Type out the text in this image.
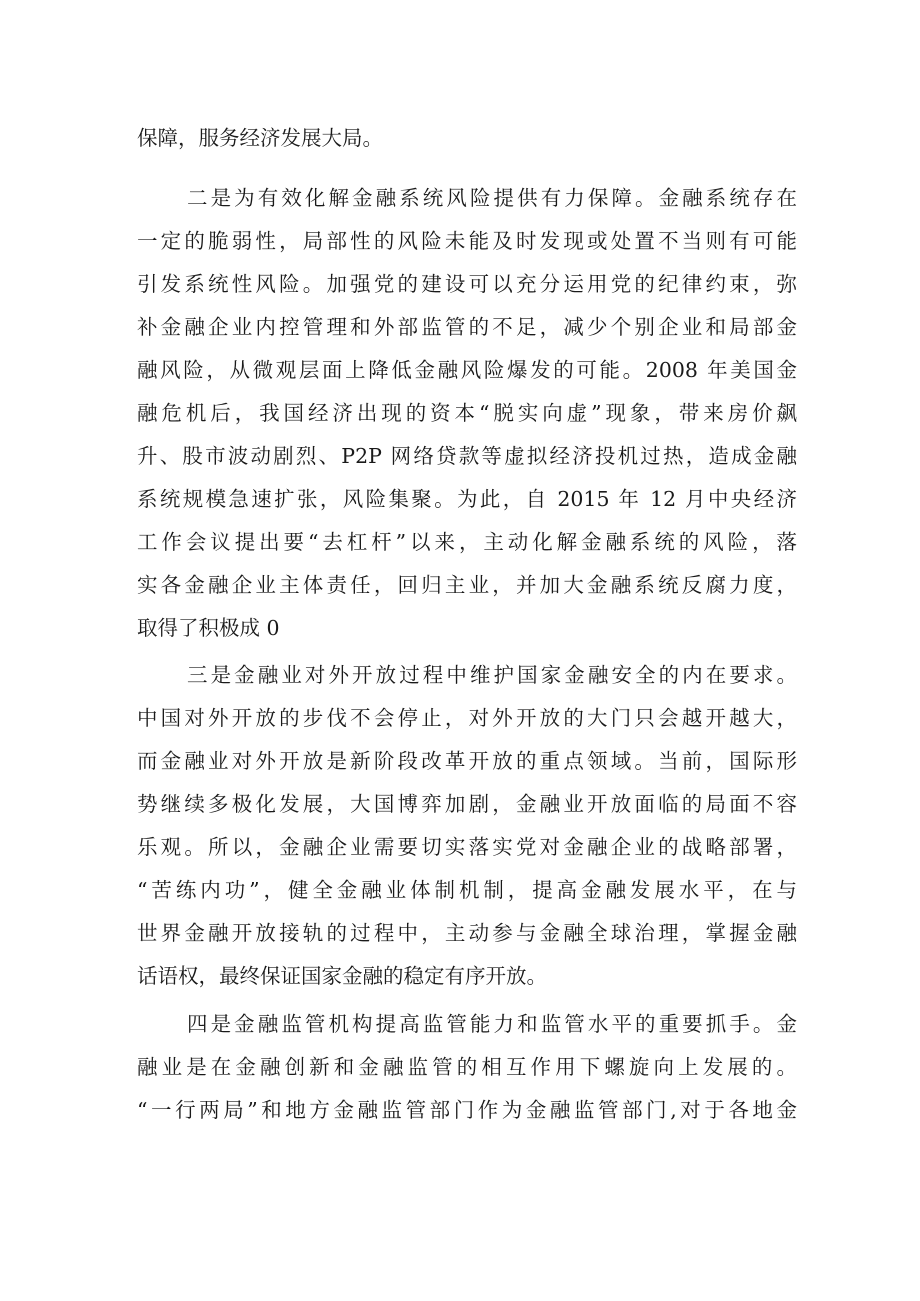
保障，服务经济发展大局。
二是为有效化解金融系统风险提供有力保障。金融系统存在
一定的脆弱性，局部性的风险未能及时发现或处置不当则有可能
引发系统性风险。加强党的建设可以充分运用党的纪律约束，弥
补金融企业内控管理和外部监管的不足，减少个别企业和局部金
融风险，从微观层面上降低金融风险爆发的可能。2008 年美国金
融危机后，我国经济出现的资本“脱实向虚”现象，带来房价飙
升、股市波动剧烈、P2P 网络贷款等虚拟经济投机过热，造成金融
系统规模急速扩张，风险集聚。为此，自 2015 年 12 月中央经济
工作会议提出要“去杠杆”以来，主动化解金融系统的风险，落
实各金融企业主体责任，回归主业，并加大金融系统反腐力度，
取得了积极成 0
三是金融业对外开放过程中维护国家金融安全的内在要求。
中国对外开放的步伐不会停止，对外开放的大门只会越开越大，
而金融业对外开放是新阶段改革开放的重点领域。当前，国际形
势继续多极化发展，大国博弈加剧，金融业开放面临的局面不容
乐观。所以，金融企业需要切实落实党对金融企业的战略部署，
“苦练内功”，健全金融业体制机制，提高金融发展水平，在与
世界金融开放接轨的过程中，主动参与金融全球治理，掌握金融
话语权，最终保证国家金融的稳定有序开放。
四是金融监管机构提高监管能力和监管水平的重要抓手。金
融业是在金融创新和金融监管的相互作用下螺旋向上发展的。
“一行两局”和地方金融监管部门作为金融监管部门,对于各地金
